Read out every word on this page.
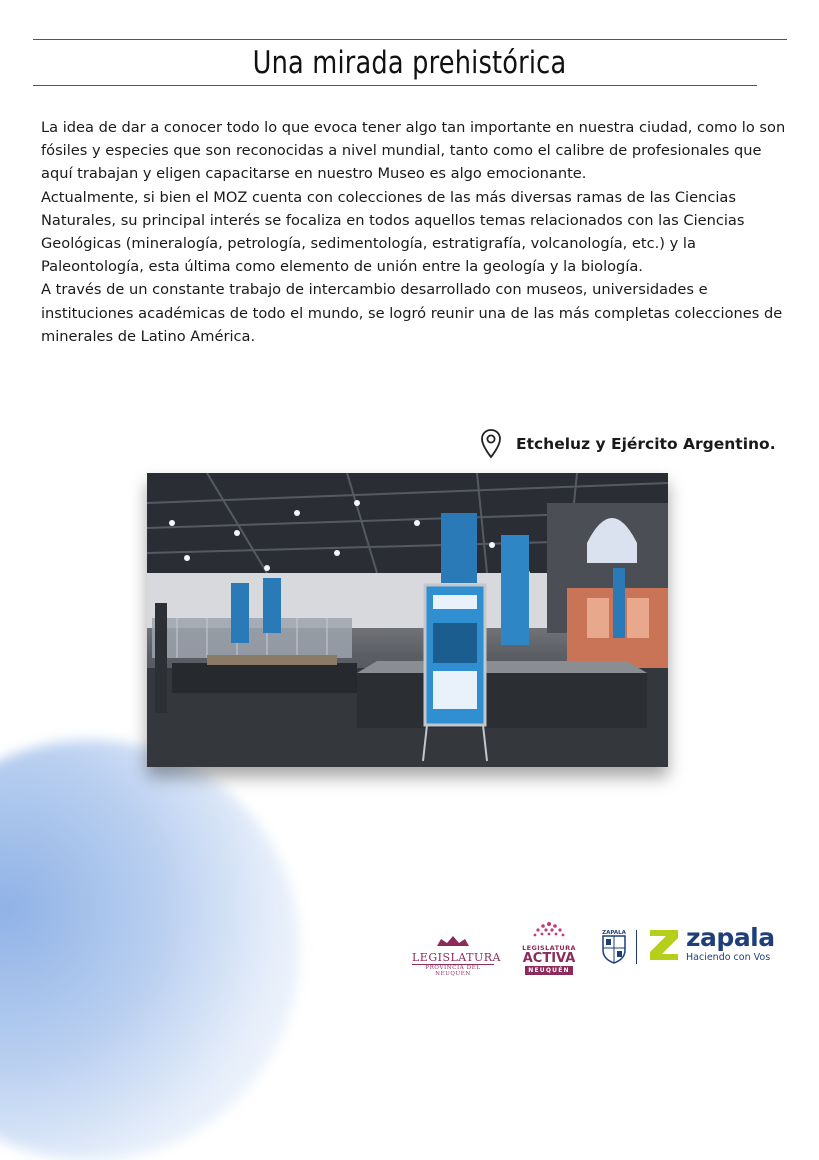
Una mirada prehistórica

La idea de dar a conocer todo lo que evoca tener algo tan importante en nuestra ciudad, como lo son fósiles y especies que son reconocidas a nivel mundial, tanto como el calibre de profesionales que aquí trabajan y eligen capacitarse en nuestro Museo es algo emocionante.

Actualmente, si bien el MOZ cuenta con colecciones de las más diversas ramas de las Ciencias Naturales, su principal interés se focaliza en todos aquellos temas relacionados con las Ciencias Geológicas (mineralogía, petrología, sedimentología, estratigrafía, volcanología, etc.) y la Paleontología, esta última como elemento de unión entre la geología y la biología.

A través de un constante trabajo de intercambio desarrollado con museos, universidades e instituciones académicas de todo el mundo, se logró reunir una de las más completas colecciones de minerales de Latino América.

Etcheluz y Ejército Argentino.
LEGISLATURA
PROVINCIA DEL NEUQUÉN
LEGISLATURA
ACTIVA
NEUQUÉN
ZAPALA zapala
Haciendo con Vos
